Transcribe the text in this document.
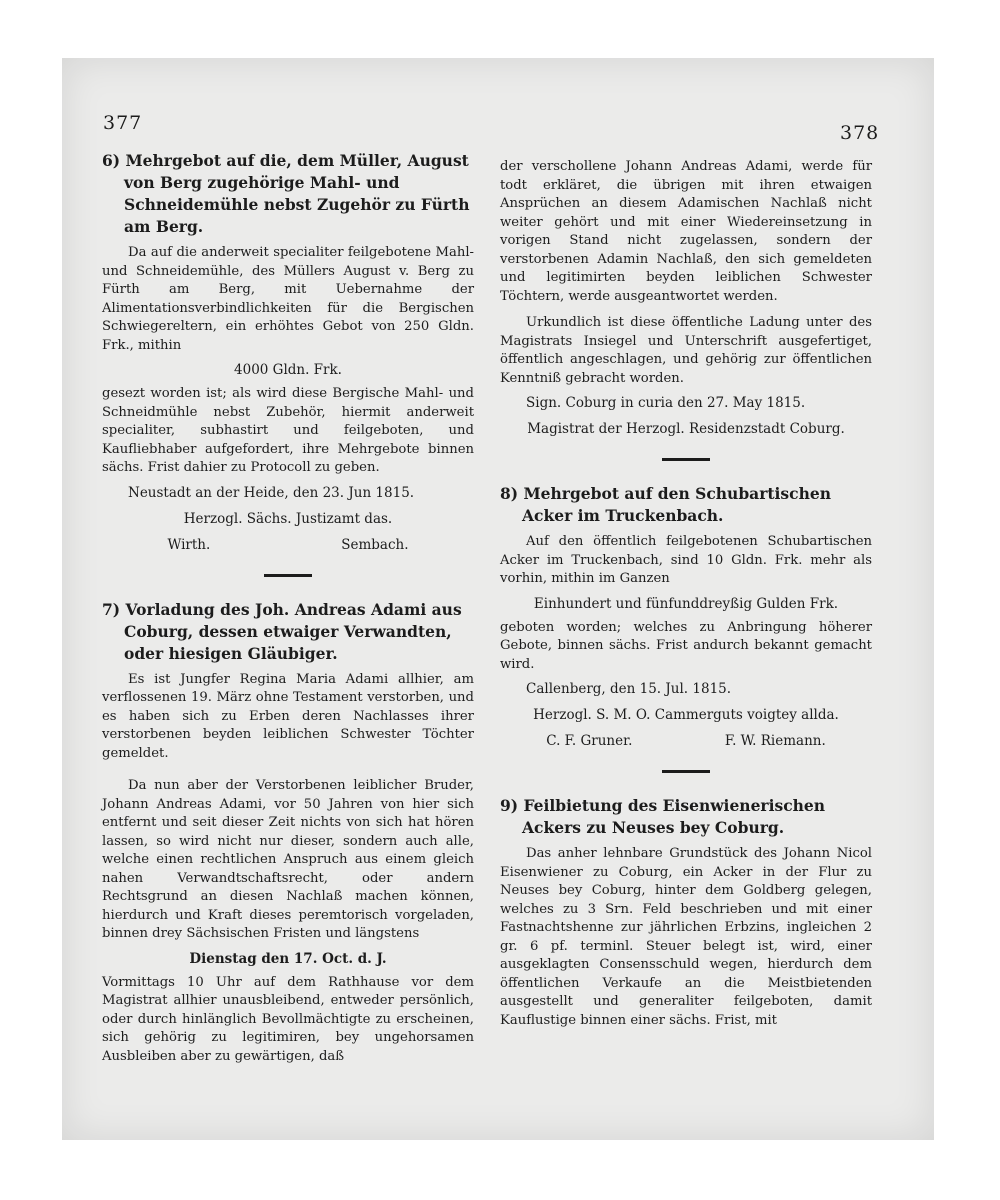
377	378
6) Mehrgebot auf die, dem Müller, August von Berg zugehörige Mahl- und Schneidemühle nebst Zugehör zu Fürth am Berg.

Da auf die anderweit specialiter feilgebotene Mahl- und Schneidemühle, des Müllers August v. Berg zu Fürth am Berg, mit Uebernahme der Alimentationsverbindlichkeiten für die Bergischen Schwiegereltern, ein erhöhtes Gebot von 250 Gldn. Frk., mithin

4000 Gldn. Frk.

gesezt worden ist; als wird diese Bergische Mahl- und Schneidmühle nebst Zubehör, hiermit anderweit specialiter, subhastirt und feilgeboten, und Kaufliebhaber aufgefordert, ihre Mehrgebote binnen sächs. Frist dahier zu Protocoll zu geben.

Neustadt an der Heide, den 23. Jun 1815.
Herzogl. Sächs. Justizamt das.
Wirth.	Sembach.
7) Vorladung des Joh. Andreas Adami aus Coburg, dessen etwaiger Verwandten, oder hiesigen Gläubiger.

Es ist Jungfer Regina Maria Adami allhier, am verflossenen 19. März ohne Testament verstorben, und es haben sich zu Erben deren Nachlasses ihrer verstorbenen beyden leiblichen Schwester Töchter gemeldet.

Da nun aber der Verstorbenen leiblicher Bruder, Johann Andreas Adami, vor 50 Jahren von hier sich entfernt und seit dieser Zeit nichts von sich hat hören lassen, so wird nicht nur dieser, sondern auch alle, welche einen rechtlichen Anspruch aus einem gleich nahen Verwandtschaftsrecht, oder andern Rechtsgrund an diesen Nachlaß machen können, hierdurch und Kraft dieses peremtorisch vorgeladen, binnen drey Sächsischen Fristen und längstens

Dienstag den 17. Oct. d. J.

Vormittags 10 Uhr auf dem Rathhause vor dem Magistrat allhier unausbleibend, entweder persönlich, oder durch hinlänglich Bevollmächtigte zu erscheinen, sich gehörig zu legitimiren, bey ungehorsamen Ausbleiben aber zu gewärtigen, daß

der verschollene Johann Andreas Adami, werde für todt erkläret, die übrigen mit ihren etwaigen Ansprüchen an diesem Adamischen Nachlaß nicht weiter gehört und mit einer Wiedereinsetzung in vorigen Stand nicht zugelassen, sondern der verstorbenen Adamin Nachlaß, den sich gemeldeten und legitimirten beyden leiblichen Schwester Töchtern, werde ausgeantwortet werden.

Urkundlich ist diese öffentliche Ladung unter des Magistrats Insiegel und Unterschrift ausgefertiget, öffentlich angeschlagen, und gehörig zur öffentlichen Kenntniß gebracht worden.

Sign. Coburg in curia den 27. May 1815.
Magistrat der Herzogl. Residenzstadt Coburg.
8) Mehrgebot auf den Schubartischen Acker im Truckenbach.

Auf den öffentlich feilgebotenen Schubartischen Acker im Truckenbach, sind 10 Gldn. Frk. mehr als vorhin, mithin im Ganzen

Einhundert und fünfunddreyßig Gulden Frk.

geboten worden; welches zu Anbringung höherer Gebote, binnen sächs. Frist andurch bekannt gemacht wird.

Callenberg, den 15. Jul. 1815.
Herzogl. S. M. O. Cammerguts voigtey allda.
C. F. Gruner.	F. W. Riemann.
9) Feilbietung des Eisenwienerischen Ackers zu Neuses bey Coburg.

Das anher lehnbare Grundstück des Johann Nicol Eisenwiener zu Coburg, ein Acker in der Flur zu Neuses bey Coburg, hinter dem Goldberg gelegen, welches zu 3 Srn. Feld beschrieben und mit einer Fastnachtshenne zur jährlichen Erbzins, ingleichen 2 gr. 6 pf. terminl. Steuer belegt ist, wird, einer ausgeklagten Consensschuld wegen, hierdurch dem öffentlichen Verkaufe an die Meistbietenden ausgestellt und generaliter feilgeboten, damit Kauflustige binnen einer sächs. Frist, mit
